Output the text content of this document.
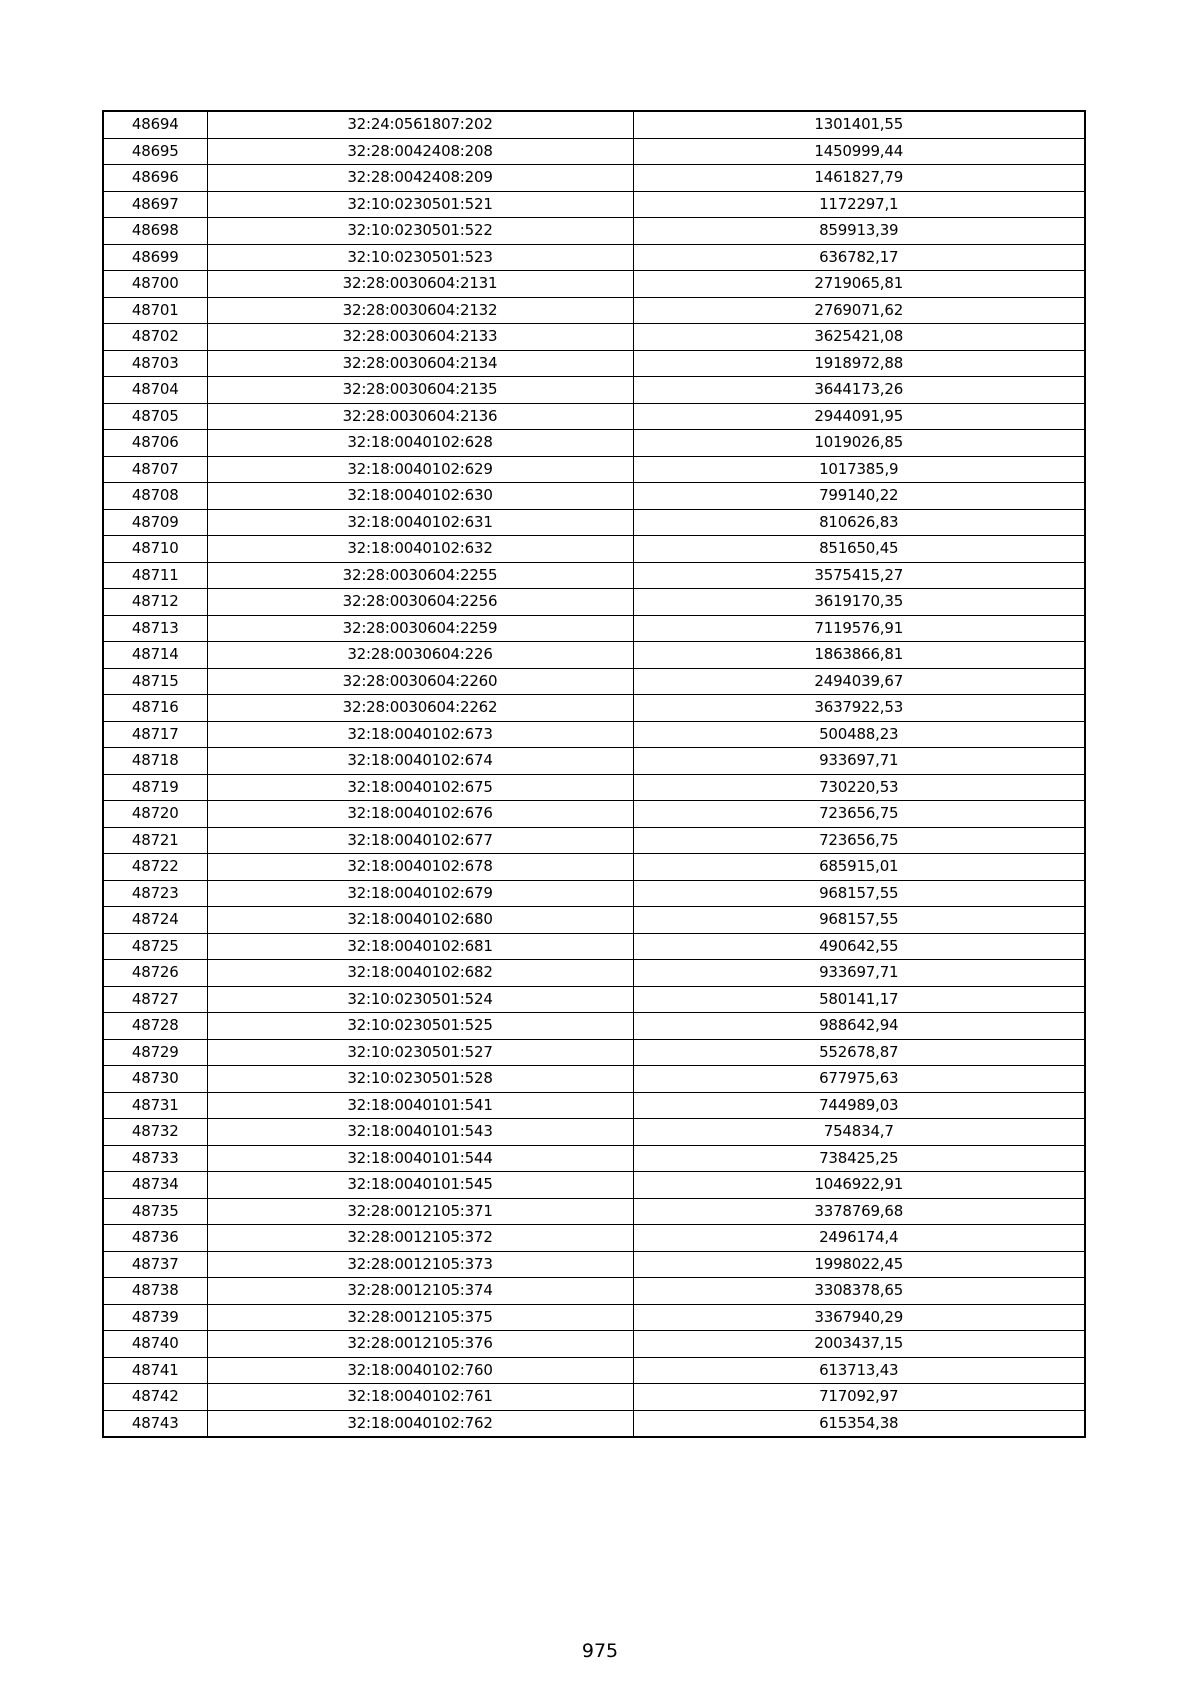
48694	32:24:0561807:202	1301401,55
48695	32:28:0042408:208	1450999,44
48696	32:28:0042408:209	1461827,79
48697	32:10:0230501:521	1172297,1
48698	32:10:0230501:522	859913,39
48699	32:10:0230501:523	636782,17
48700	32:28:0030604:2131	2719065,81
48701	32:28:0030604:2132	2769071,62
48702	32:28:0030604:2133	3625421,08
48703	32:28:0030604:2134	1918972,88
48704	32:28:0030604:2135	3644173,26
48705	32:28:0030604:2136	2944091,95
48706	32:18:0040102:628	1019026,85
48707	32:18:0040102:629	1017385,9
48708	32:18:0040102:630	799140,22
48709	32:18:0040102:631	810626,83
48710	32:18:0040102:632	851650,45
48711	32:28:0030604:2255	3575415,27
48712	32:28:0030604:2256	3619170,35
48713	32:28:0030604:2259	7119576,91
48714	32:28:0030604:226	1863866,81
48715	32:28:0030604:2260	2494039,67
48716	32:28:0030604:2262	3637922,53
48717	32:18:0040102:673	500488,23
48718	32:18:0040102:674	933697,71
48719	32:18:0040102:675	730220,53
48720	32:18:0040102:676	723656,75
48721	32:18:0040102:677	723656,75
48722	32:18:0040102:678	685915,01
48723	32:18:0040102:679	968157,55
48724	32:18:0040102:680	968157,55
48725	32:18:0040102:681	490642,55
48726	32:18:0040102:682	933697,71
48727	32:10:0230501:524	580141,17
48728	32:10:0230501:525	988642,94
48729	32:10:0230501:527	552678,87
48730	32:10:0230501:528	677975,63
48731	32:18:0040101:541	744989,03
48732	32:18:0040101:543	754834,7
48733	32:18:0040101:544	738425,25
48734	32:18:0040101:545	1046922,91
48735	32:28:0012105:371	3378769,68
48736	32:28:0012105:372	2496174,4
48737	32:28:0012105:373	1998022,45
48738	32:28:0012105:374	3308378,65
48739	32:28:0012105:375	3367940,29
48740	32:28:0012105:376	2003437,15
48741	32:18:0040102:760	613713,43
48742	32:18:0040102:761	717092,97
48743	32:18:0040102:762	615354,38
975
